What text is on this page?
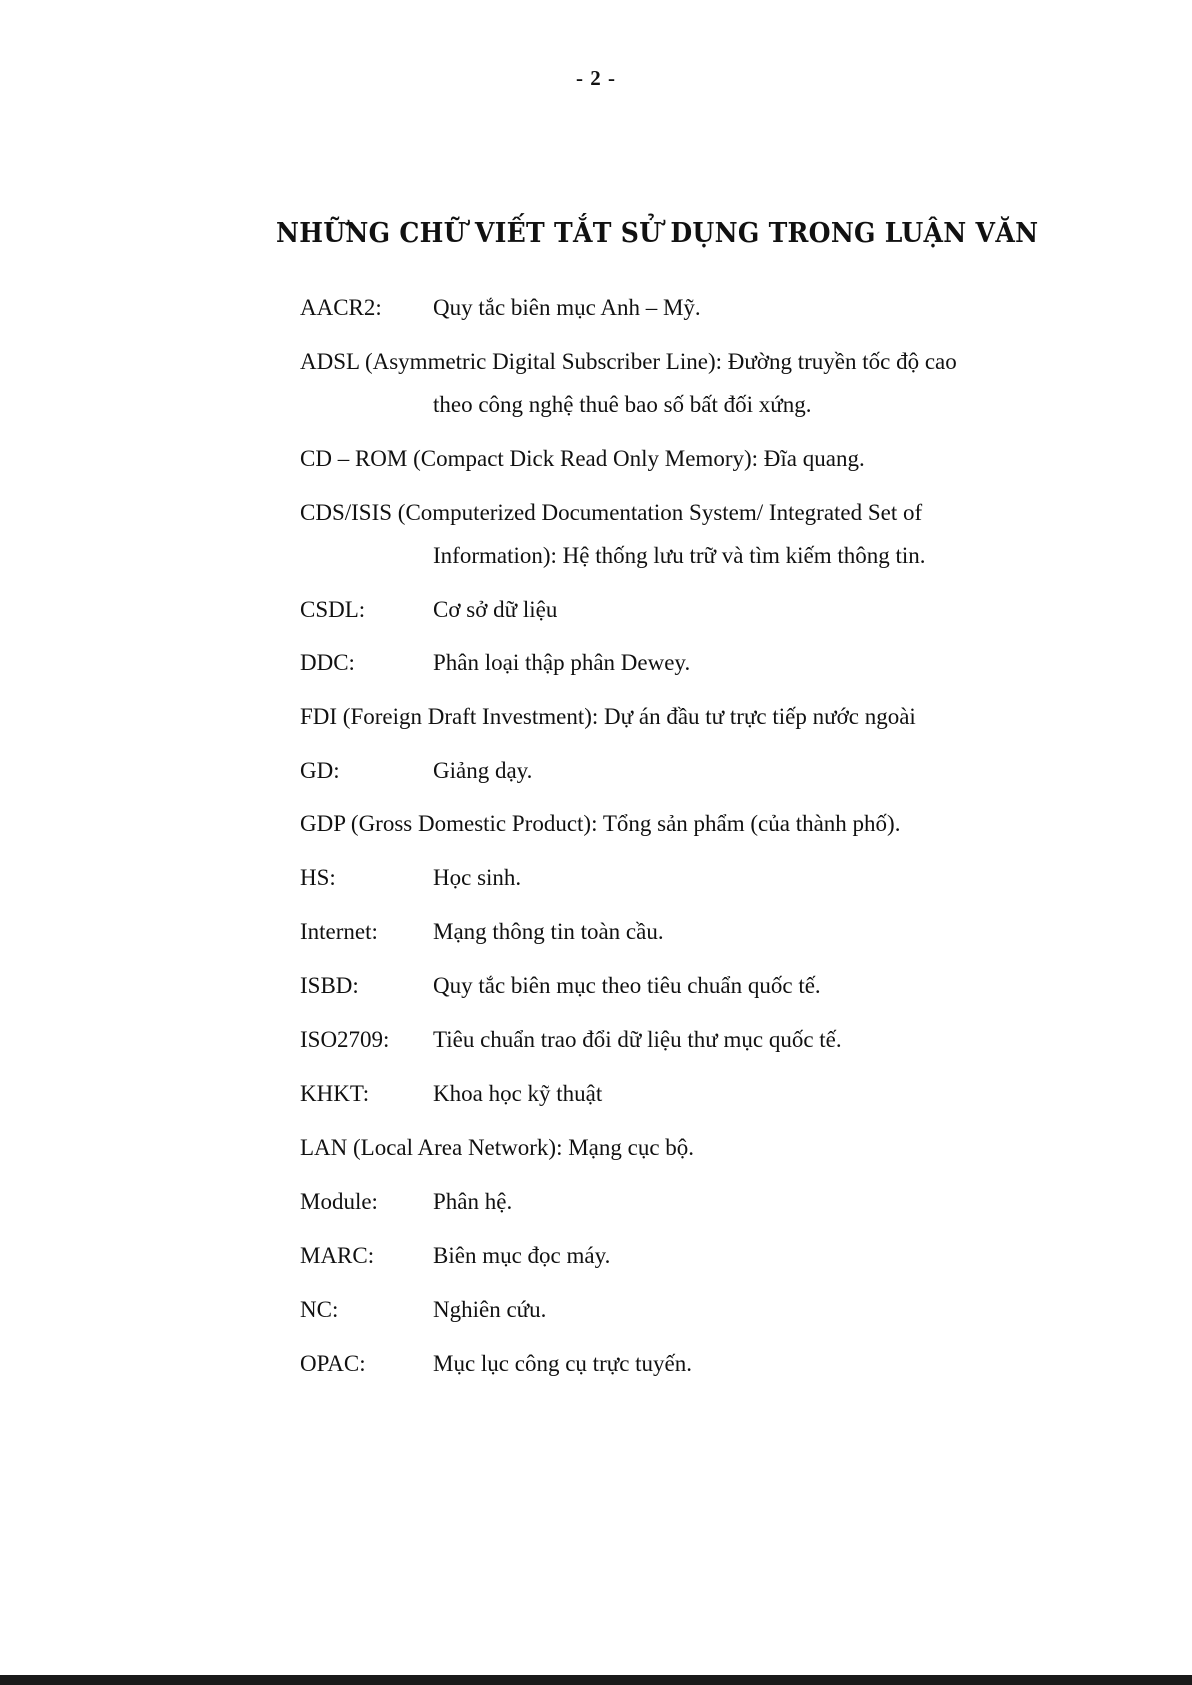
- 2 -
NHỮNG CHỮ VIẾT TẮT SỬ DỤNG TRONG LUẬN VĂN
AACR2: Quy tắc biên mục Anh – Mỹ.
ADSL (Asymmetric Digital Subscriber Line): Đường truyền tốc độ cao
theo công nghệ thuê bao số bất đối xứng.
CD – ROM (Compact Dick Read Only Memory): Đĩa quang.
CDS/ISIS (Computerized Documentation System/ Integrated Set of
Information): Hệ thống lưu trữ và tìm kiếm thông tin.
CSDL:	Cơ sở dữ liệu
DDC:	Phân loại thập phân Dewey.
FDI (Foreign Draft Investment): Dự án đầu tư trực tiếp nước ngoài
GD:	Giảng dạy.
GDP (Gross Domestic Product): Tổng sản phẩm (của thành phố).
HS:	Học sinh.
Internet: Mạng thông tin toàn cầu.
ISBD:	Quy tắc biên mục theo tiêu chuẩn quốc tế.
ISO2709: Tiêu chuẩn trao đổi dữ liệu thư mục quốc tế.
KHKT:	Khoa học kỹ thuật
LAN (Local Area Network): Mạng cục bộ.
Module: Phân hệ.
MARC:	Biên mục đọc máy.
NC:	Nghiên cứu.
OPAC:	Mục lục công cụ trực tuyến.
